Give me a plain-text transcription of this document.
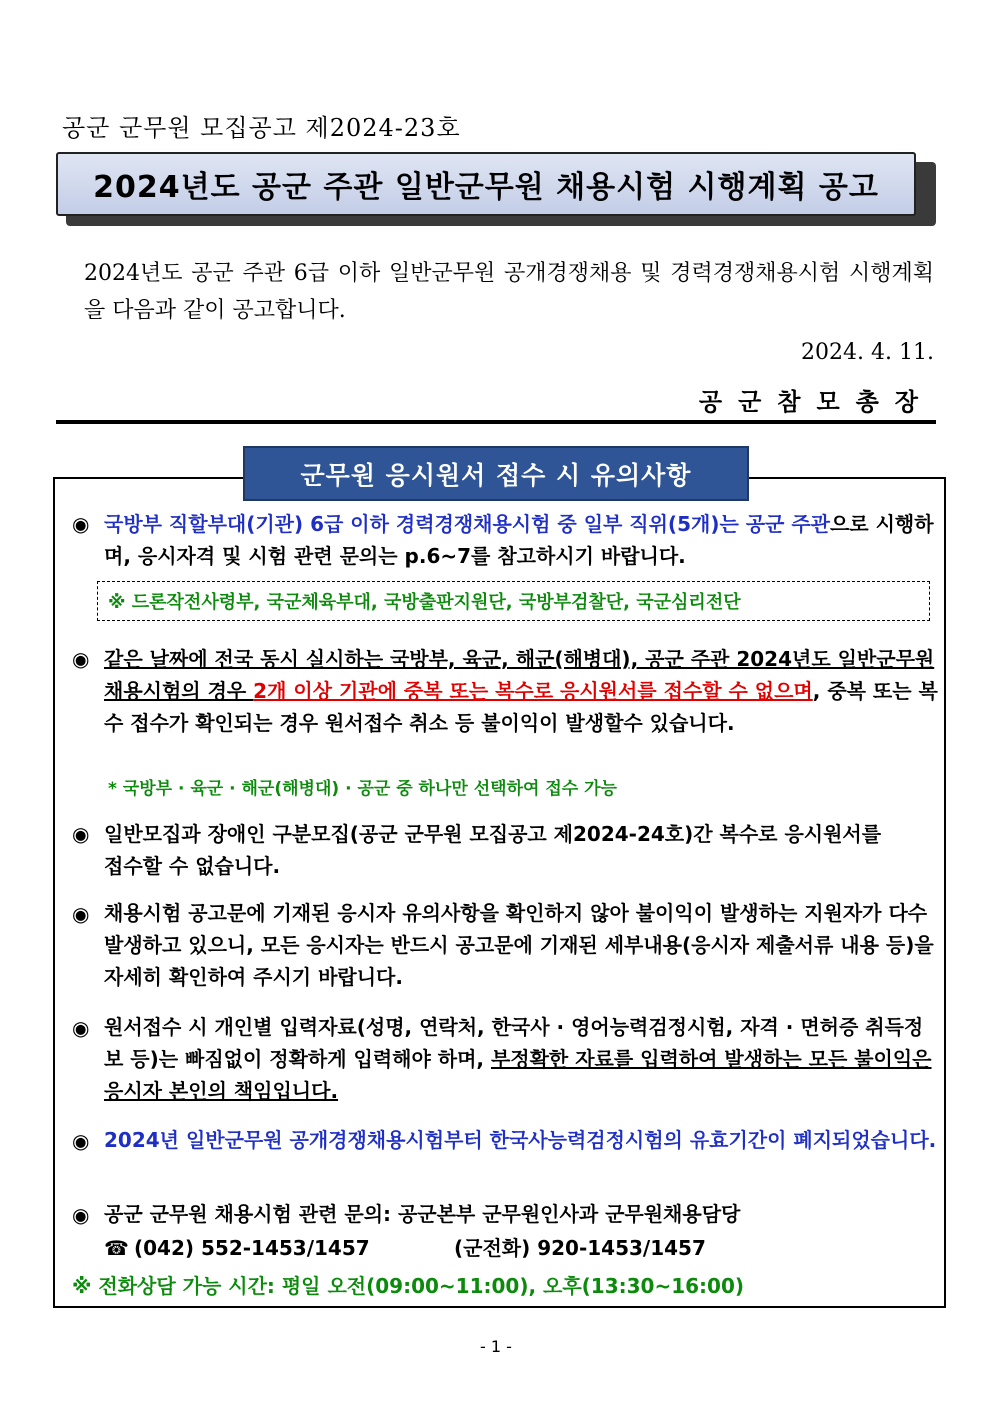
공군 군무원 모집공고 제2024-23호
2024년도 공군 주관 일반군무원 채용시험 시행계획 공고
2024년도 공군 주관 6급 이하 일반군무원 공개경쟁채용 및 경력경쟁채용시험 시행계획을 다음과 같이 공고합니다.
2024. 4. 11.
공군참모총장
군무원 응시원서 접수 시 유의사항
◉ 국방부 직할부대(기관) 6급 이하 경력경쟁채용시험 중 일부 직위(5개)는 공군 주관으로 시행하며, 응시자격 및 시험 관련 문의는 p.6~7를 참고하시기 바랍니다.
※ 드론작전사령부, 국군체육부대, 국방출판지원단, 국방부검찰단, 국군심리전단
◉ 같은 날짜에 전국 동시 실시하는 국방부, 육군, 해군(해병대), 공군 주관 2024년도 일반군무원 채용시험의 경우 2개 이상 기관에 중복 또는 복수로 응시원서를 접수할 수 없으며, 중복 또는 복수 접수가 확인되는 경우 원서접수 취소 등 불이익이 발생할수 있습니다.
* 국방부 · 육군 · 해군(해병대) · 공군 중 하나만 선택하여 접수 가능
◉ 일반모집과 장애인 구분모집(공군 군무원 모집공고 제2024-24호)간 복수로 응시원서를 접수할 수 없습니다.
◉ 채용시험 공고문에 기재된 응시자 유의사항을 확인하지 않아 불이익이 발생하는 지원자가 다수 발생하고 있으니, 모든 응시자는 반드시 공고문에 기재된 세부내용(응시자 제출서류 내용 등)을 자세히 확인하여 주시기 바랍니다.
◉ 원서접수 시 개인별 입력자료(성명, 연락처, 한국사 · 영어능력검정시험, 자격 · 면허증 취득정보 등)는 빠짐없이 정확하게 입력해야 하며, 부정확한 자료를 입력하여 발생하는 모든 불이익은 응시자 본인의 책임입니다.
◉ 2024년 일반군무원 공개경쟁채용시험부터 한국사능력검정시험의 유효기간이 폐지되었습니다.
◉ 공군 군무원 채용시험 관련 문의: 공군본부 군무원인사과 군무원채용담당
☎ (042) 552-1453/1457	(군전화) 920-1453/1457
※ 전화상담 가능 시간: 평일 오전(09:00~11:00), 오후(13:30~16:00)
- 1 -
